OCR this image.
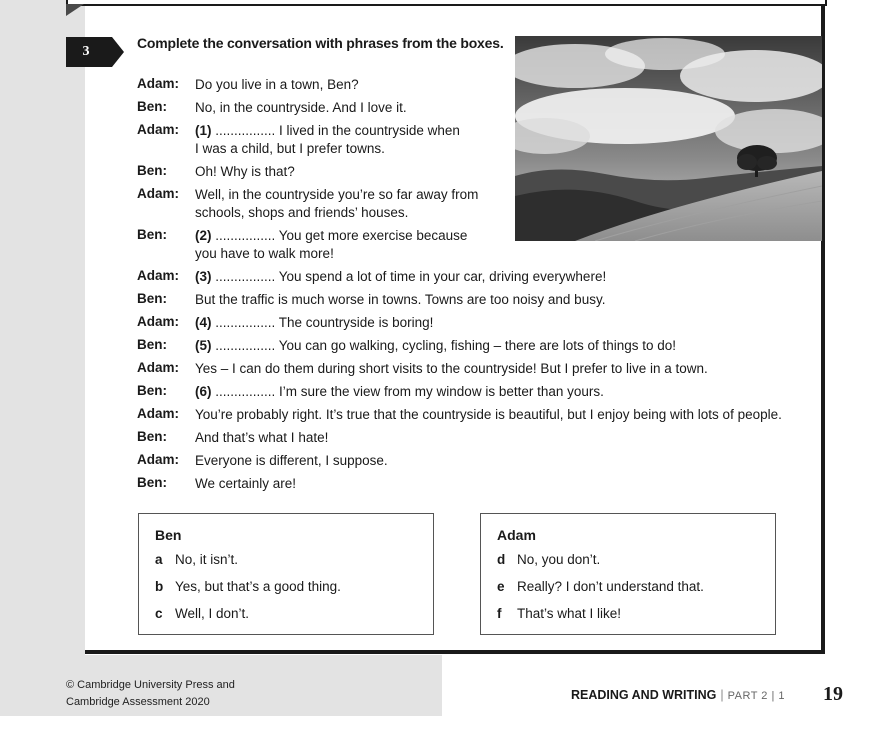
3
Complete the conversation with phrases from the boxes.
Adam: Do you live in a town, Ben?
Ben: No, in the countryside. And I love it.
Adam: (1) ................ I lived in the countryside when
I was a child, but I prefer towns.
Ben: Oh! Why is that?
Adam: Well, in the countryside you’re so far away from
schools, shops and friends’ houses.
Ben: (2) ................ You get more exercise because
you have to walk more!
Adam: (3) ................ You spend a lot of time in your car, driving everywhere!
Ben: But the traffic is much worse in towns. Towns are too noisy and busy.
Adam: (4) ................ The countryside is boring!
Ben: (5) ................ You can go walking, cycling, fishing – there are lots of things to do!
Adam: Yes – I can do them during short visits to the countryside! But I prefer to live in a town.
Ben: (6) ................ I’m sure the view from my window is better than yours.
Adam: You’re probably right. It’s true that the countryside is beautiful, but I enjoy being with lots of people.
Ben: And that’s what I hate!
Adam: Everyone is different, I suppose.
Ben: We certainly are!
Ben
a No, it isn’t.
b Yes, but that’s a good thing.
c Well, I don’t.
Adam
d No, you don’t.
e Really? I don’t understand that.
f That’s what I like!
© Cambridge University Press and
Cambridge Assessment 2020	READING AND WRITING | PART 2 | 1 19
